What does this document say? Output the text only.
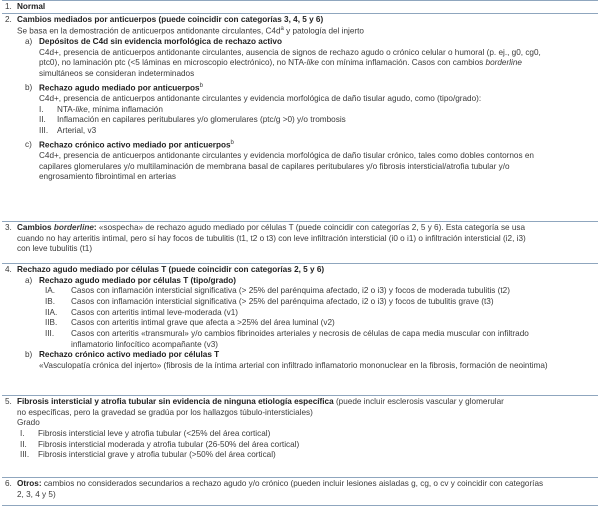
1. Normal
2. Cambios mediados por anticuerpos (puede coincidir con categorías 3, 4, 5 y 6)
Se basa en la demostración de anticuerpos antidonante circulantes, $C4d^a$ y patología del injerto
a) Depósitos de C4d sin evidencia morfológica de rechazo activo
C4d+, presencia de anticuerpos antidonante circulantes, ausencia de signos de rechazo agudo o crónico celular o humoral (p. ej., g0, cg0,
ptc0), no laminación ptc (<5 láminas en microscopio electrónico), no NTA-like con mínima inflamación. Casos con cambios borderline
simultáneos se consideran indeterminados
b) Rechazo agudo mediado por anticuerpos$^b$
C4d+, presencia de anticuerpos antidonante circulantes y evidencia morfológica de daño tisular agudo, como (tipo/grado):
I.	NTA-like, mínima inflamación
II.	Inflamación en capilares peritubulares y/o glomerulares (ptc/g >0) y/o trombosis
III.	Arterial, v3
c) Rechazo crónico activo mediado por anticuerpos$^b$
C4d+, presencia de anticuerpos antidonante circulantes y evidencia morfológica de daño tisular crónico, tales como dobles contornos en
capilares glomerulares y/o multilaminación de membrana basal de capilares peritubulares y/o fibrosis intersticial/atrofia tubular y/o
engrosamiento fibrointimal en arterias
3. Cambios borderline: «sospecha» de rechazo agudo mediado por células T (puede coincidir con categorías 2, 5 y 6). Esta categoría se usa
cuando no hay arteritis intimal, pero sí hay focos de tubulitis (t1, t2 o t3) con leve infiltración intersticial (i0 o i1) o infiltración intersticial (i2, i3)
con leve tubulitis (t1)
4. Rechazo agudo mediado por células T (puede coincidir con categorías 2, 5 y 6)
a) Rechazo agudo mediado por células T (tipo/grado)
IA.	Casos con inflamación intersticial significativa (> 25% del parénquima afectado, i2 o i3) y focos de moderada tubulitis (t2)
IB.	Casos con inflamación intersticial significativa (> 25% del parénquima afectado, i2 o i3) y focos de tubulitis grave (t3)
IIA.	Casos con arteritis intimal leve-moderada (v1)
IIB.	Casos con arteritis intimal grave que afecta a >25% del área luminal (v2)
III.	Casos con arteritis «transmural» y/o cambios fibrinoides arteriales y necrosis de células de capa media muscular con infiltrado
inflamatorio linfocítico acompañante (v3)
b) Rechazo crónico activo mediado por células T
«Vasculopatía crónica del injerto» (fibrosis de la íntima arterial con infiltrado inflamatorio mononuclear en la fibrosis, formación de neointima)
5. Fibrosis intersticial y atrofia tubular sin evidencia de ninguna etiología específica (puede incluir esclerosis vascular y glomerular
no específicas, pero la gravedad se gradúa por los hallazgos túbulo-intersticiales)
Grado
I.	Fibrosis intersticial leve y atrofia tubular (<25% del área cortical)
II.	Fibrosis intersticial moderada y atrofia tubular (26-50% del área cortical)
III.	Fibrosis intersticial grave y atrofia tubular (>50% del área cortical)
6. Otros: cambios no considerados secundarios a rechazo agudo y/o crónico (pueden incluir lesiones aisladas g, cg, o cv y coincidir con categorías
2, 3, 4 y 5)
